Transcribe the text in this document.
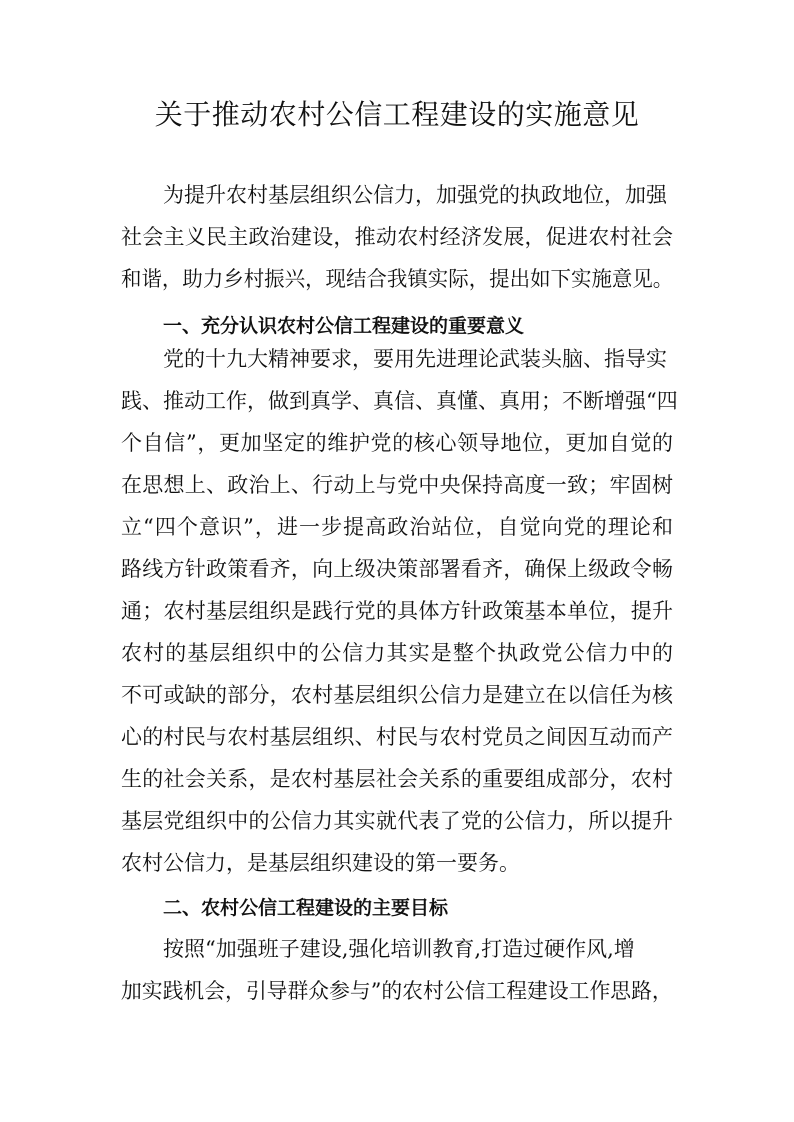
关于推动农村公信工程建设的实施意见
为提升农村基层组织公信力，加强党的执政地位，加强
社会主义民主政治建设，推动农村经济发展，促进农村社会
和谐，助力乡村振兴，现结合我镇实际，提出如下实施意见。
一、充分认识农村公信工程建设的重要意义
党的十九大精神要求，要用先进理论武装头脑、指导实
践、推动工作，做到真学、真信、真懂、真用；不断增强“四
个自信”，更加坚定的维护党的核心领导地位，更加自觉的
在思想上、政治上、行动上与党中央保持高度一致；牢固树
立“四个意识”，进一步提高政治站位，自觉向党的理论和
路线方针政策看齐，向上级决策部署看齐，确保上级政令畅
通；农村基层组织是践行党的具体方针政策基本单位，提升
农村的基层组织中的公信力其实是整个执政党公信力中的
不可或缺的部分，农村基层组织公信力是建立在以信任为核
心的村民与农村基层组织、村民与农村党员之间因互动而产
生的社会关系，是农村基层社会关系的重要组成部分，农村
基层党组织中的公信力其实就代表了党的公信力，所以提升
农村公信力，是基层组织建设的第一要务。
二、农村公信工程建设的主要目标
按照“加强班子建设,强化培训教育,打造过硬作风,增
加实践机会，引导群众参与”的农村公信工程建设工作思路，
